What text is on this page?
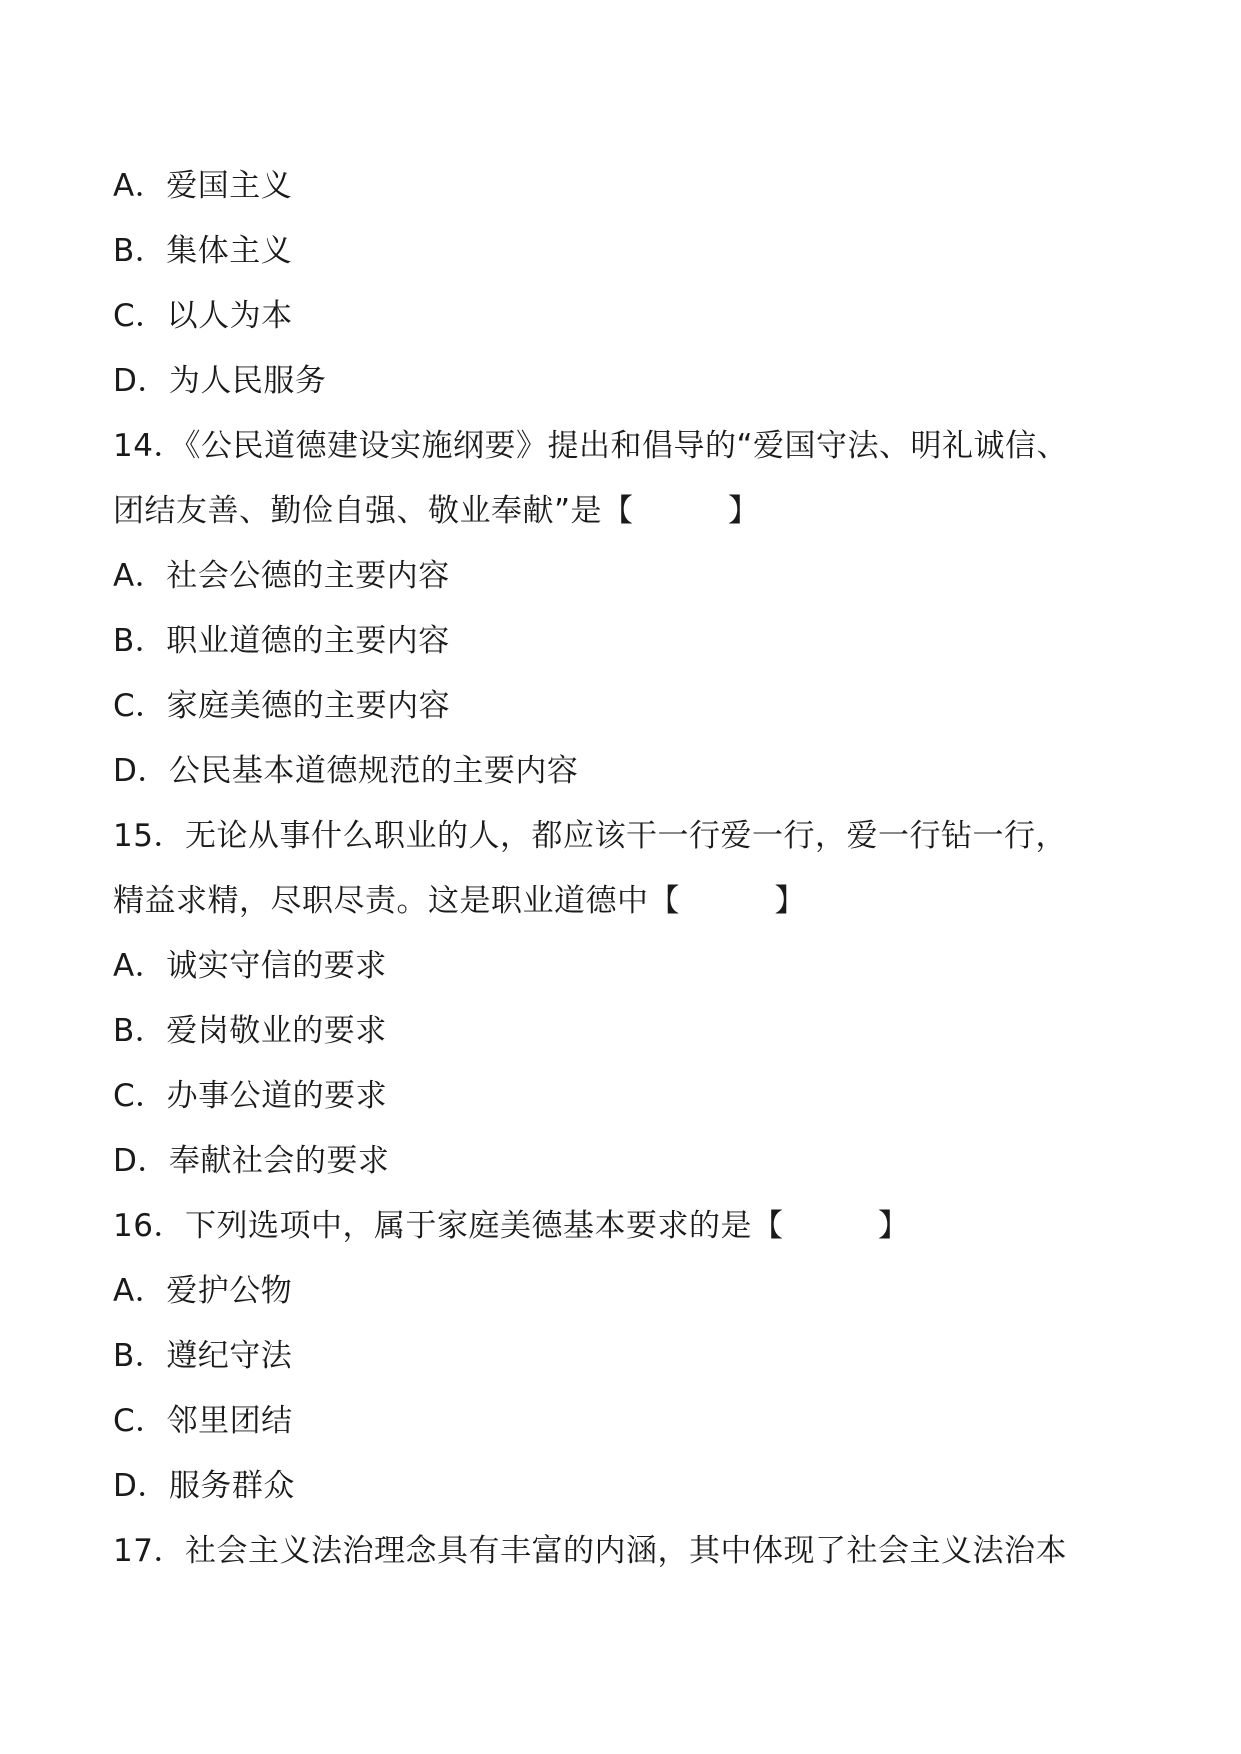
A．爱国主义
B．集体主义
C．以人为本
D．为人民服务
14．《公民道德建设实施纲要》提出和倡导的“爱国守法、明礼诚信、
团结友善、勤俭自强、敬业奉献”是【　　　】
A．社会公德的主要内容
B．职业道德的主要内容
C．家庭美德的主要内容
D．公民基本道德规范的主要内容
15．无论从事什么职业的人，都应该干一行爱一行，爱一行钻一行，
精益求精，尽职尽责。这是职业道德中【　　　】
A．诚实守信的要求
B．爱岗敬业的要求
C．办事公道的要求
D．奉献社会的要求
16．下列选项中，属于家庭美德基本要求的是【　　　】
A．爱护公物
B．遵纪守法
C．邻里团结
D．服务群众
17．社会主义法治理念具有丰富的内涵，其中体现了社会主义法治本
